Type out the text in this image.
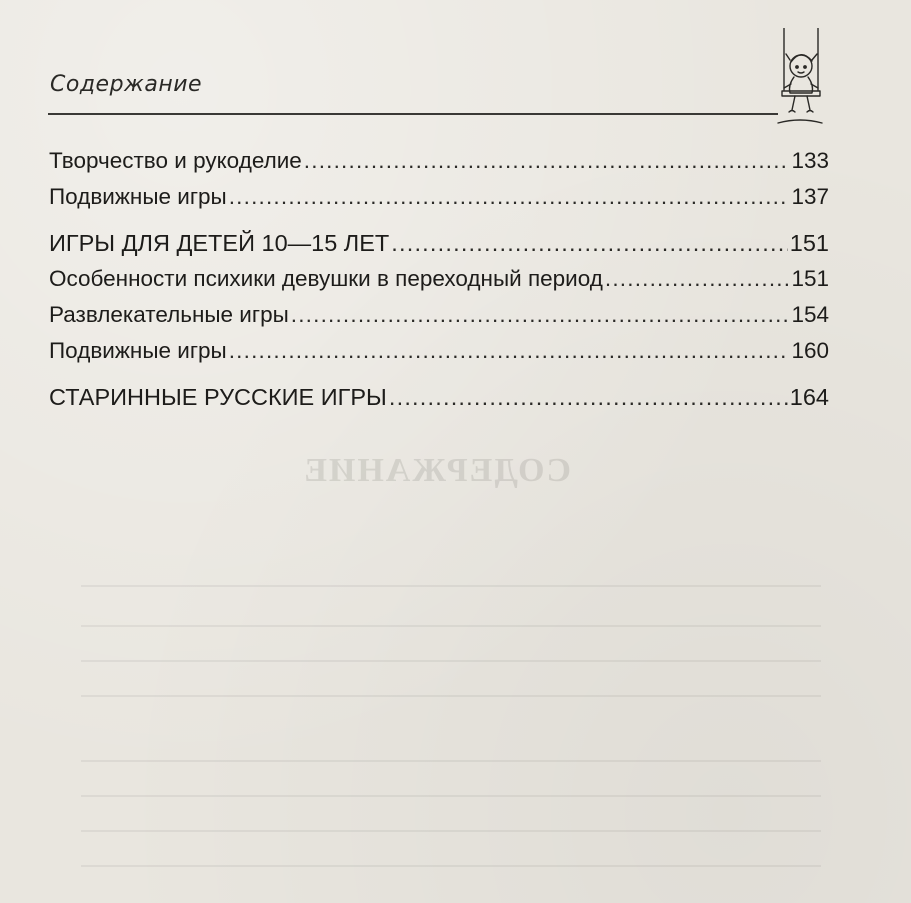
СОДЕРЖАНИЕ
Содержание
Творчество и рукоделие .....	133
Подвижные игры .....	137
ИГРЫ ДЛЯ ДЕТЕЙ 10—15 ЛЕТ .....	151
Особенности психики девушки в переходный период .....	151
Развлекательные игры .....	154
Подвижные игры .....	160
СТАРИННЫЕ РУССКИЕ ИГРЫ .....	164
